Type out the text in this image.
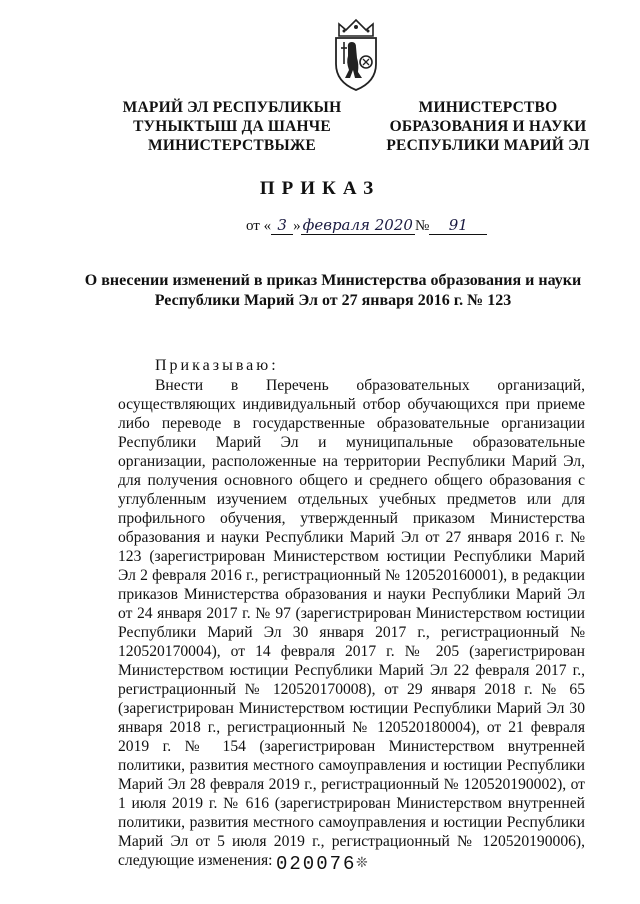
МАРИЙ ЭЛ РЕСПУБЛИКЫН
ТУНЫКТЫШ ДА ШАНЧЕ
МИНИСТЕРСТВЫЖЕ
МИНИСТЕРСТВО
ОБРАЗОВАНИЯ И НАУКИ
РЕСПУБЛИКИ МАРИЙ ЭЛ
ПРИКАЗ
от « 3 » февраля 2020 № 91
О внесении изменений в приказ Министерства образования и науки Республики Марий Эл от 27 января 2016 г. № 123
Приказываю:
Внести в Перечень образовательных организаций, осуществляющих индивидуальный отбор обучающихся при приеме либо переводе в государственные образовательные организации Республики Марий Эл и муниципальные образовательные организации, расположенные на территории Республики Марий Эл, для получения основного общего и среднего общего образования с углубленным изучением отдельных учебных предметов или для профильного обучения, утвержденный приказом Министерства образования и науки Республики Марий Эл от 27 января 2016 г. № 123 (зарегистрирован Министерством юстиции Республики Марий Эл 2 февраля 2016 г., регистрационный № 120520160001), в редакции приказов Министерства образования и науки Республики Марий Эл от 24 января 2017 г. № 97 (зарегистрирован Министерством юстиции Республики Марий Эл 30 января 2017 г., регистрационный № 120520170004), от 14 февраля 2017 г. № 205 (зарегистрирован Министерством юстиции Республики Марий Эл 22 февраля 2017 г., регистрационный № 120520170008), от 29 января 2018 г. № 65 (зарегистрирован Министерством юстиции Республики Марий Эл 30 января 2018 г., регистрационный № 120520180004), от 21 февраля 2019 г. № 154 (зарегистрирован Министерством внутренней политики, развития местного самоуправления и юстиции Республики Марий Эл 28 февраля 2019 г., регистрационный № 120520190002), от 1 июля 2019 г. № 616 (зарегистрирован Министерством внутренней политики, развития местного самоуправления и юстиции Республики Марий Эл от 5 июля 2019 г., регистрационный № 120520190006), следующие изменения: 020076 ❊
